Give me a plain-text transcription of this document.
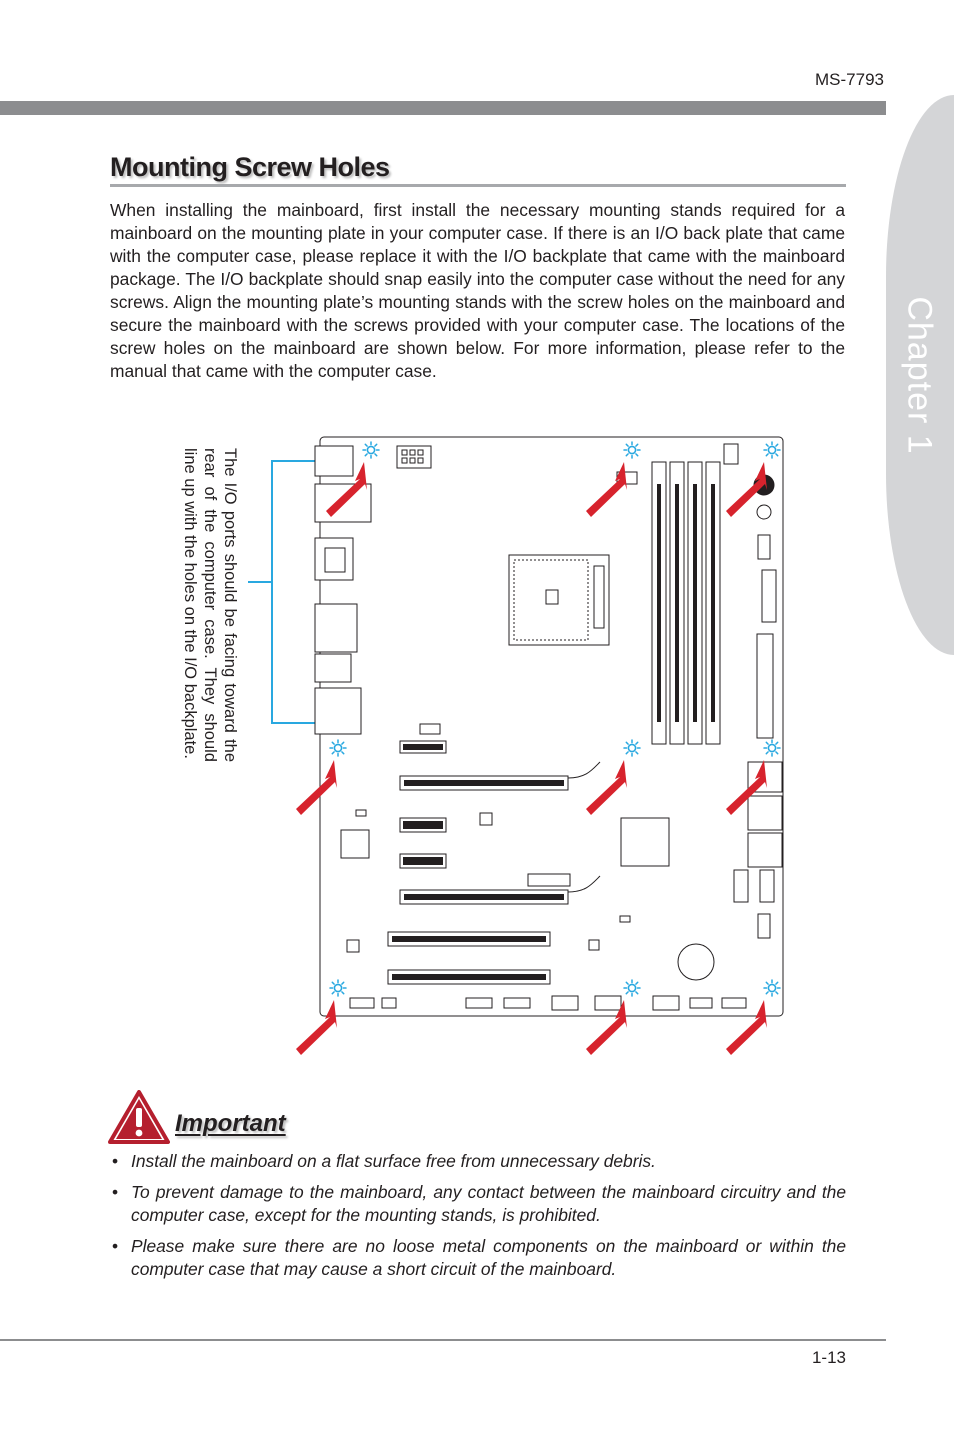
MS-7793
Chapter 1
Mounting Screw Holes

When installing the mainboard, first install the necessary mounting stands required for a mainboard on the mounting plate in your computer case. If there is an I/O back plate that came with the computer case, please replace it with the I/O backplate that came with the mainboard package. The I/O backplate should snap easily into the computer case without the need for any screws. Align the mounting plate’s mounting stands with the screw holes on the mainboard and secure the mainboard with the screws provided with your computer case. The locations of the screw holes on the mainboard are shown below. For more information, please refer to the manual that came with the computer case.

The I/O ports should be facing toward the rear of the computer case. They should line up with the holes on the I/O backplate.

Important
• Install the mainboard on a flat surface free from unnecessary debris.
• To prevent damage to the mainboard, any contact between the mainboard circuitry and the computer case, except for the mounting stands, is prohibited.
• Please make sure there are no loose metal components on the mainboard or within the computer case that may cause a short circuit of the mainboard.
1-13
